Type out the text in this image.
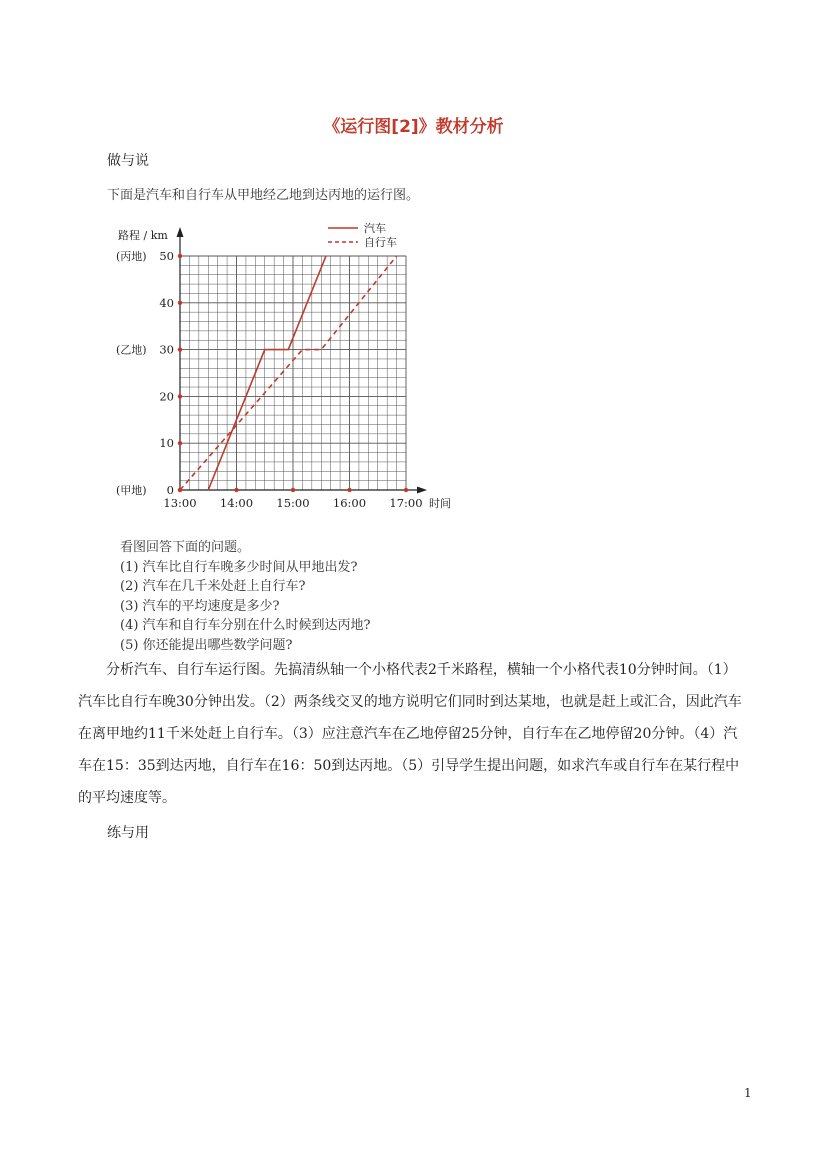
《运行图[2]》教材分析
做与说
下面是汽车和自行车从甲地经乙地到达丙地的运行图。
路程 / km
时间
13:00 14:00 15:00 16:00 17:00
0
10
20
30
40
50
(甲地)
(乙地)
(丙地)
汽车
自行车
看图回答下面的问题。
(1) 汽车比自行车晚多少时间从甲地出发?
(2) 汽车在几千米处赶上自行车?
(3) 汽车的平均速度是多少?
(4) 汽车和自行车分别在什么时候到达丙地?
(5) 你还能提出哪些数学问题?
分析汽车、自行车运行图。先搞清纵轴一个小格代表2千米路程，横轴一个小格代表10分钟时间。（1）汽车比自行车晚30分钟出发。（2）两条线交叉的地方说明它们同时到达某地，也就是赶上或汇合，因此汽车在离甲地约11千米处赶上自行车。（3）应注意汽车在乙地停留25分钟，自行车在乙地停留20分钟。（4）汽车在15：35到达丙地，自行车在16：50到达丙地。（5）引导学生提出问题，如求汽车或自行车在某行程中的平均速度等。
练与用
1
